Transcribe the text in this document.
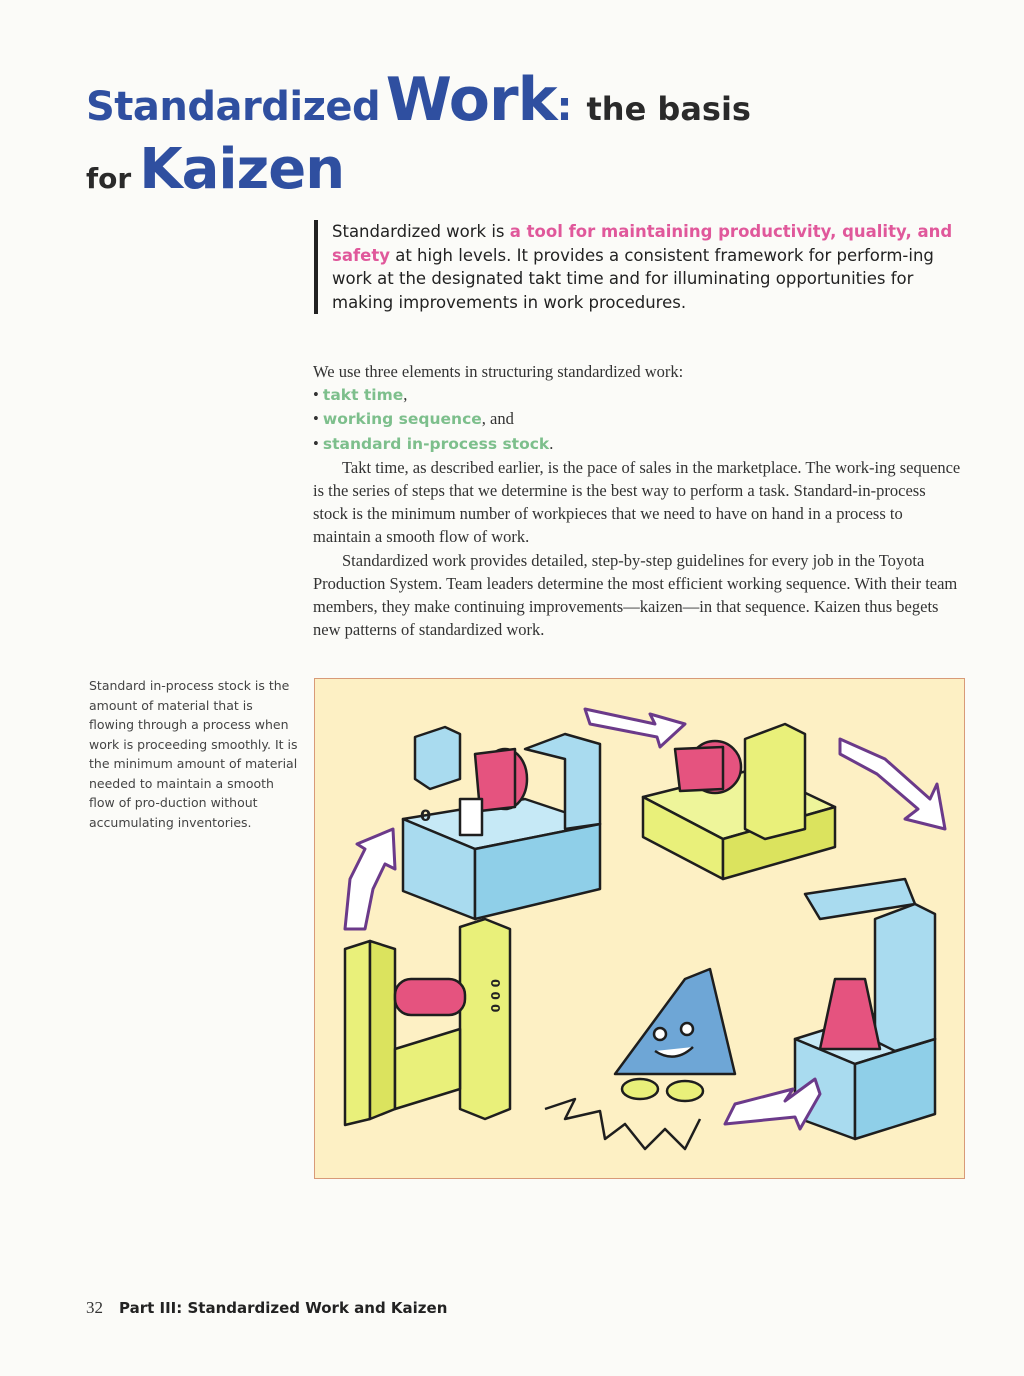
Standardized Work: the basis
for Kaizen
Standardized work is a tool for maintaining productivity, quality, and safety at high levels. It provides a consistent framework for perform-ing work at the designated takt time and for illuminating opportunities for making improvements in work procedures.

We use three elements in structuring standardized work:

• takt time,
• working sequence, and
• standard in-process stock.

Takt time, as described earlier, is the pace of sales in the marketplace. The work-ing sequence is the series of steps that we determine is the best way to perform a task. Standard-in-process stock is the minimum number of workpieces that we need to have on hand in a process to maintain a smooth flow of work.

Standardized work provides detailed, step-by-step guidelines for every job in the Toyota Production System. Team leaders determine the most efficient working sequence. With their team members, they make continuing improvements—kaizen—in that sequence. Kaizen thus begets new patterns of standardized work.

Standard in-process stock is the amount of material that is flowing through a process when work is proceeding smoothly. It is the minimum amount of material needed to maintain a smooth flow of pro-duction without accumulating inventories.	0
0 0 0
32 Part III: Standardized Work and Kaizen
